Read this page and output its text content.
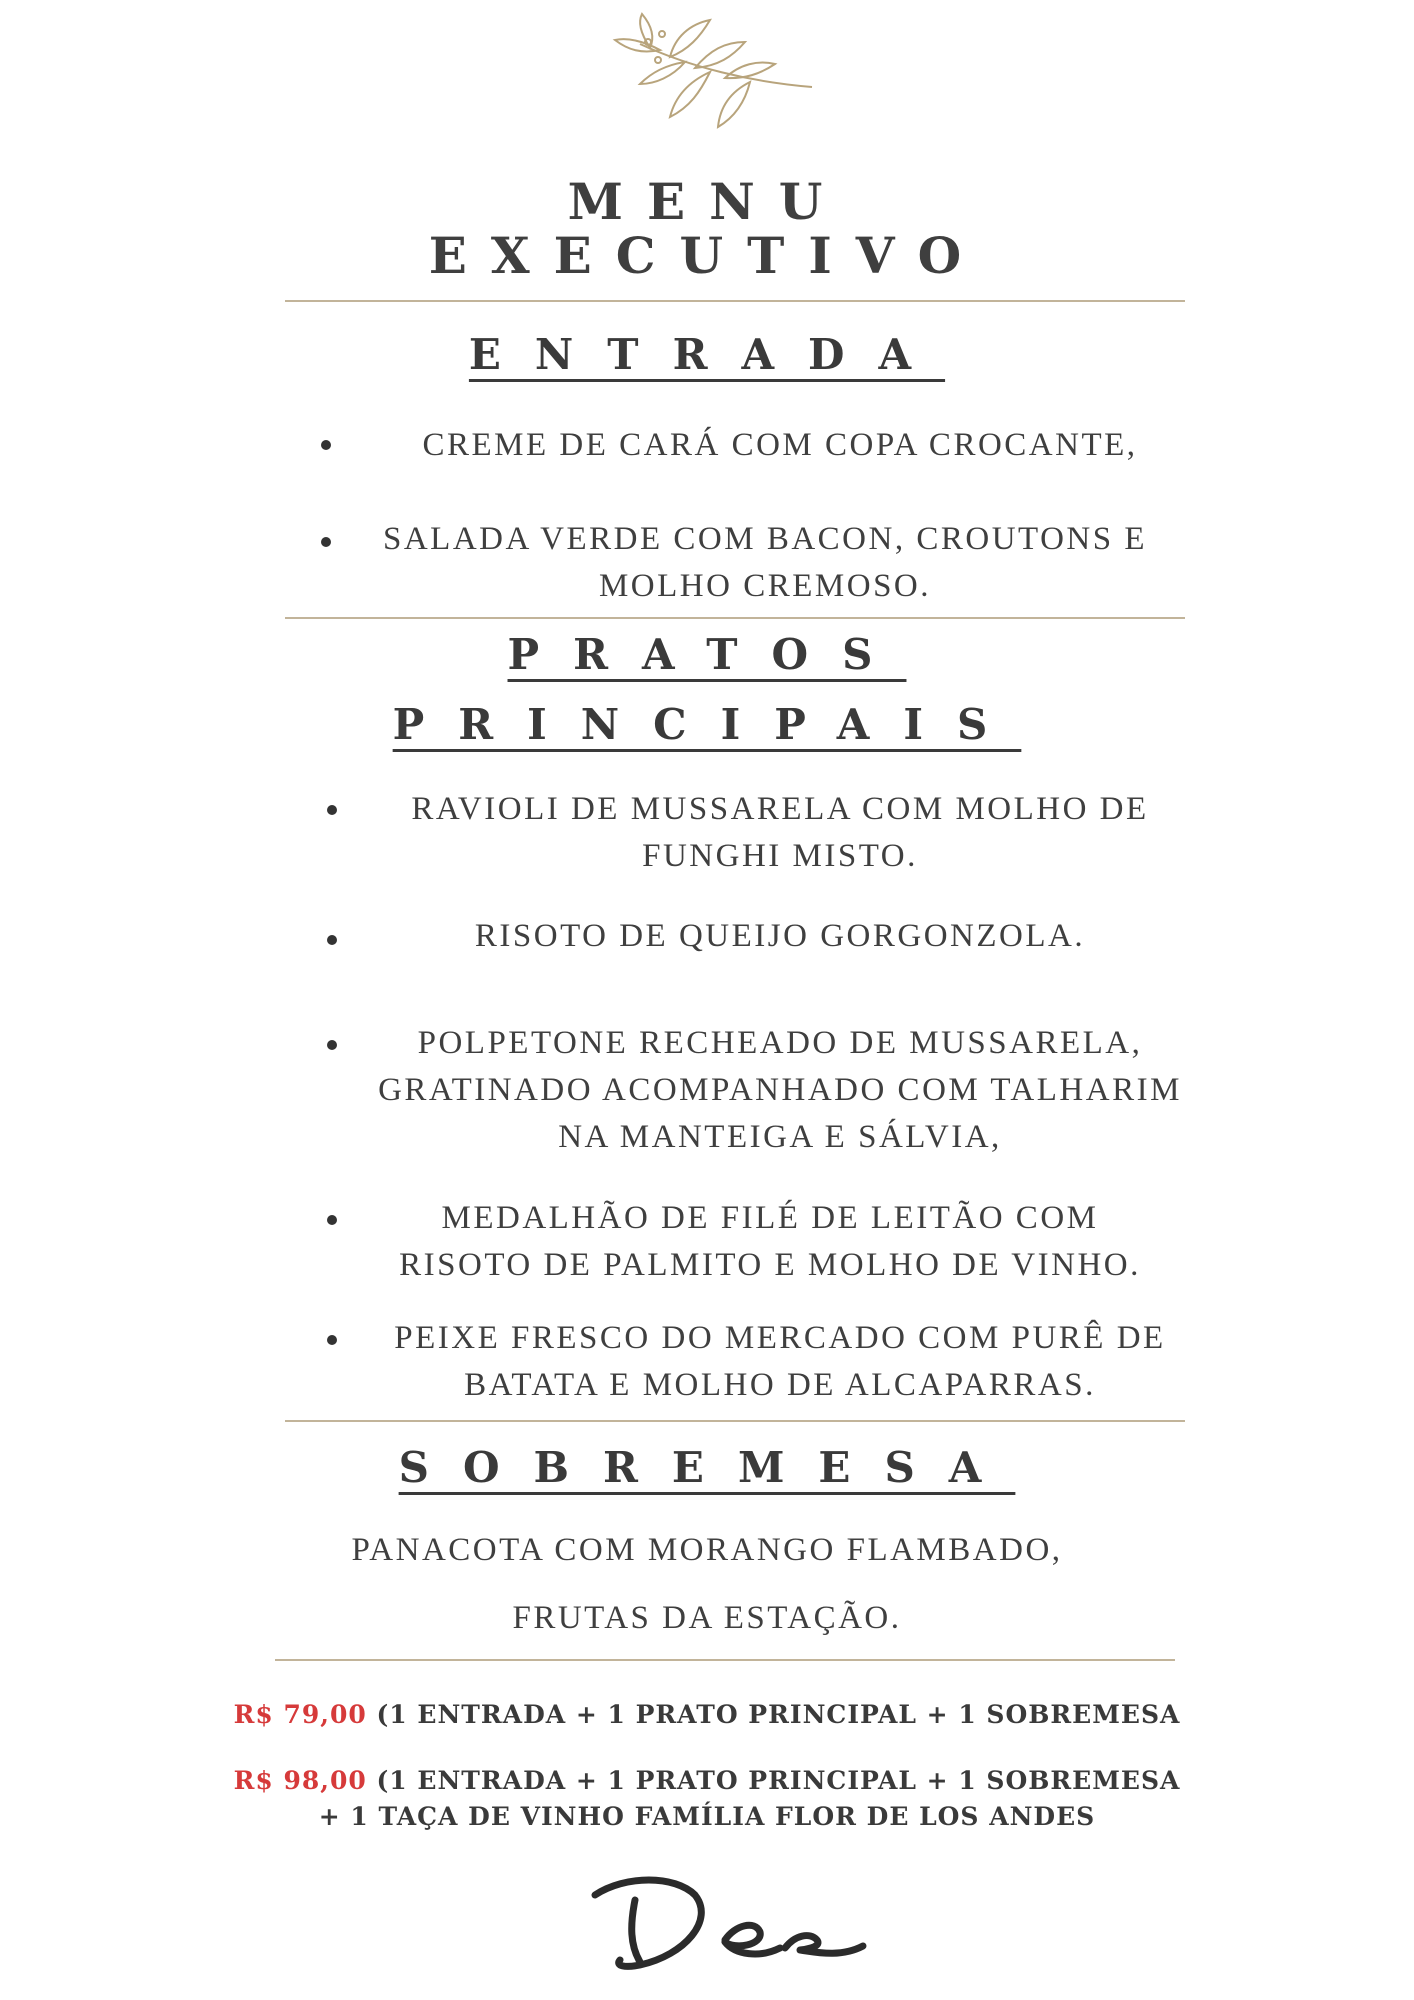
MENU
EXECUTIVO
ENTRADA
CREME DE CARÁ COM COPA CROCANTE,
SALADA VERDE COM BACON, CROUTONS E MOLHO CREMOSO.
PRATOS
PRINCIPAIS
RAVIOLI DE MUSSARELA COM MOLHO DE FUNGHI MISTO.
RISOTO DE QUEIJO GORGONZOLA.
POLPETONE RECHEADO DE MUSSARELA, GRATINADO ACOMPANHADO COM TALHARIM NA MANTEIGA E SÁLVIA,
MEDALHÃO DE FILÉ DE LEITÃO COM RISOTO DE PALMITO E MOLHO DE VINHO.
PEIXE FRESCO DO MERCADO COM PURÊ DE BATATA E MOLHO DE ALCAPARRAS.
SOBREMESA
PANACOTA COM MORANGO FLAMBADO,
FRUTAS DA ESTAÇÃO.
R$ 79,00 (1 ENTRADA + 1 PRATO PRINCIPAL + 1 SOBREMESA
R$ 98,00 (1 ENTRADA + 1 PRATO PRINCIPAL + 1 SOBREMESA
+ 1 TAÇA DE VINHO FAMÍLIA FLOR DE LOS ANDES
